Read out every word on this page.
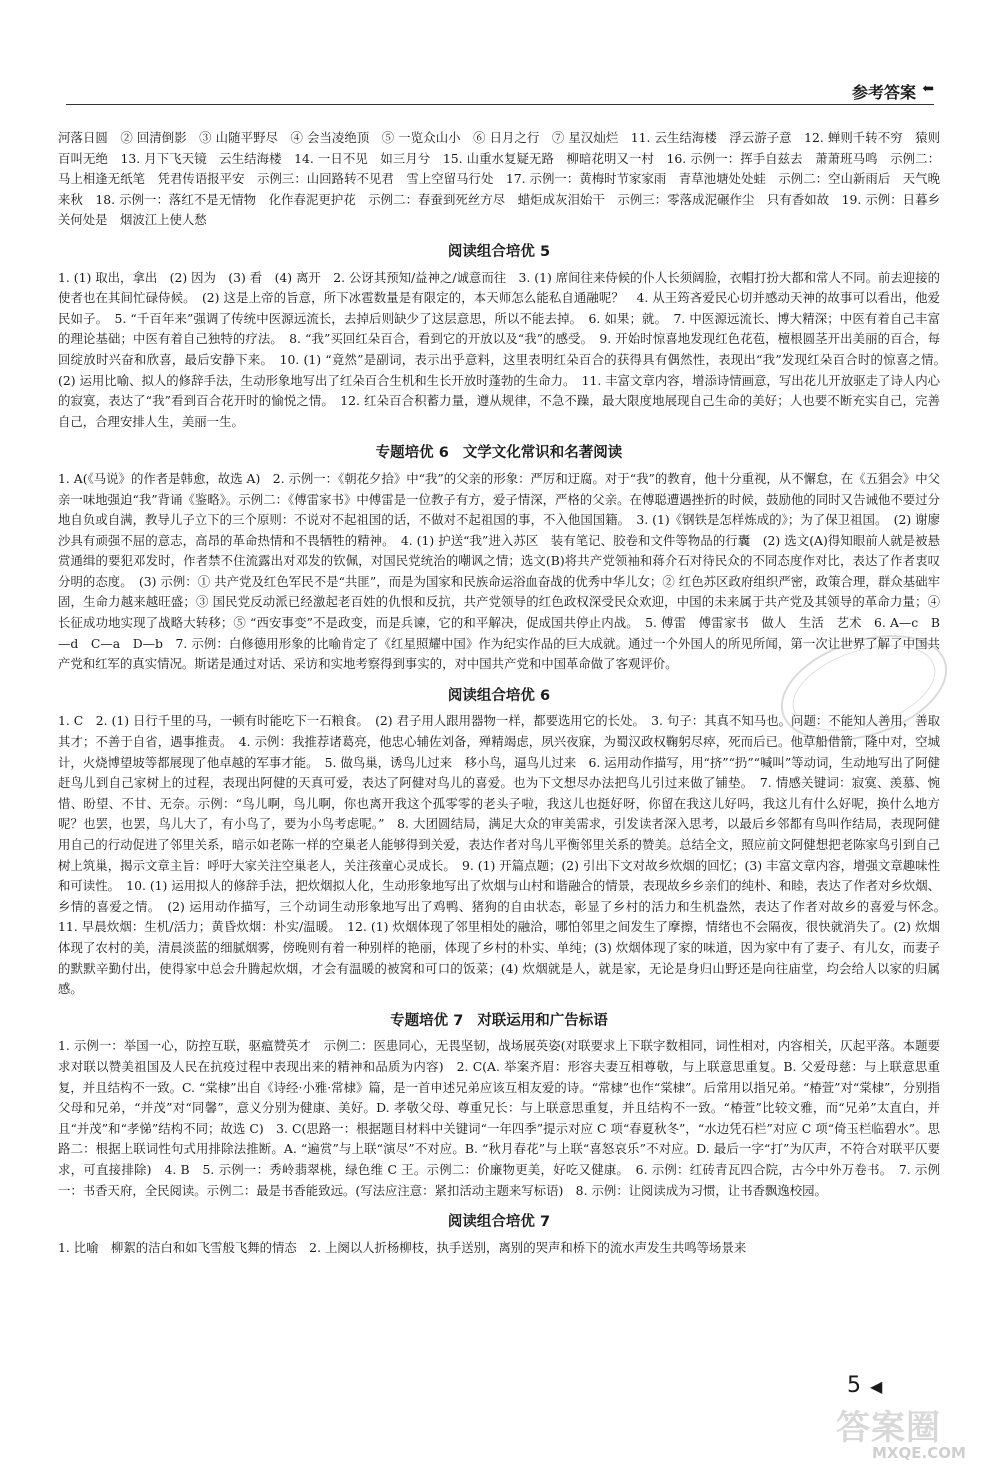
参考答案 ⬅

河落日圆　② 回清倒影　③ 山随平野尽　④ 会当凌绝顶　⑤ 一览众山小　⑥ 日月之行　⑦ 星汉灿烂　11. 云生结海楼　浮云游子意　12. 蝉则千转不穷　猿则百叫无绝　13. 月下飞天镜　云生结海楼　14. 一日不见　如三月兮　15. 山重水复疑无路　柳暗花明又一村　16. 示例一：挥手自兹去　萧萧班马鸣　示例二：马上相逢无纸笔　凭君传语报平安　示例三：山回路转不见君　雪上空留马行处　17. 示例一：黄梅时节家家雨　青草池塘处处蛙　示例二：空山新雨后　天气晚来秋　18. 示例一：落红不是无情物　化作春泥更护花　示例二：春蚕到死丝方尽　蜡炬成灰泪始干　示例三：零落成泥碾作尘　只有香如故　19. 示例：日暮乡关何处是　烟波江上使人愁

阅读组合培优 5

1. (1) 取出，拿出　(2) 因为　(3) 看　(4) 离开　2. 公讶其预知/益神之/诚意而往　3. (1) 席间往来侍候的仆人长须阔脸，衣帽打扮大都和常人不同。前去迎接的使者也在其间忙碌侍候。　(2) 这是上帝的旨意，所下冰雹数量是有限定的，本天师怎么能私自通融呢？　4. 从王筠吝爱民心切并感动天神的故事可以看出，他爱民如子。　5. “千百年来”强调了传统中医源远流长，去掉后则缺少了这层意思，所以不能去掉。　6. 如果；就。　7. 中医源远流长、博大精深；中医有着自己丰富的理论基础；中医有着自己独特的疗法。　8. “我”买回红朵百合，看到它的开放以及“我”的感受。　9. 开始时惊喜地发现红色花苞，檀根圆茎开出美丽的百合，每回绽放时兴奋和欣喜，最后安静下来。　10. (1) “竟然”是副词，表示出乎意料，这里表明红朵百合的获得具有偶然性，表现出“我”发现红朵百合时的惊喜之情。　(2) 运用比喻、拟人的修辞手法，生动形象地写出了红朵百合生机和生长开放时蓬勃的生命力。　11. 丰富文章内容，增添诗情画意，写出花儿开放驱走了诗人内心的寂寞，表达了“我”看到百合花开时的愉悦之情。　12. 红朵百合积蓄力量，遵从规律，不急不躁，最大限度地展现自己生命的美好；人也要不断充实自己，完善自己，合理安排人生，美丽一生。

专题培优 6 文学文化常识和名著阅读

1. A(《马说》的作者是韩愈，故选 A)　2. 示例一：《朝花夕拾》中“我”的父亲的形象：严厉和迂腐。对于“我”的教育，他十分重视，从不懈怠，在《五猖会》中父亲一味地强迫“我”背诵《鉴略》。示例二：《傅雷家书》中傅雷是一位教子有方，爱子情深，严格的父亲。在傅聪遭遇挫折的时候，鼓励他的同时又告诫他不要过分地自负或自满，教导儿子立下的三个原则：不说对不起祖国的话，不做对不起祖国的事，不入他国国籍。　3. (1)《钢铁是怎样炼成的》；为了保卫祖国。　(2) 谢廖沙具有顽强不屈的意志，高昂的革命热情和不畏牺牲的精神。　4. (1) 护送“我”进入苏区　装有笔记、胶卷和文件等物品的行囊　(2) 选文(A)得知眼前人就是被悬赏通缉的要犯邓发时，作者禁不住流露出对邓发的钦佩，对国民党统治的嘲讽之情；选文(B)将共产党领袖和蒋介石对待民众的不同态度作对比，表达了作者衷叹分明的态度。　(3) 示例：① 共产党及红色军民不是“共匪”，而是为国家和民族命运浴血奋战的优秀中华儿女；② 红色苏区政府组织严密，政策合理，群众基础牢固，生命力越来越旺盛；③ 国民党反动派已经激起老百姓的仇恨和反抗，共产党领导的红色政权深受民众欢迎，中国的未来属于共产党及其领导的革命力量；④ 长征成功地实现了战略大转移；⑤ “西安事变”不是政变，而是兵谏，它的和平解决，促成国共停止内战。　5. 傅雷　傅雷家书　做人　生活　艺术　6. A—c　B—d　C—a　D—b　7. 示例：白修德用形象的比喻肯定了《红星照耀中国》作为纪实作品的巨大成就。通过一个外国人的所见所闻，第一次让世界了解了中国共产党和红军的真实情况。斯诺是通过对话、采访和实地考察得到事实的，对中国共产党和中国革命做了客观评价。

阅读组合培优 6

1. C　2. (1) 日行千里的马，一顿有时能吃下一石粮食。　(2) 君子用人跟用器物一样，都要选用它的长处。　3. 句子：其真不知马也。问题：不能知人善用，善取其才；不善于自省，遇事推责。　4. 示例：我推荐诸葛亮，他忠心辅佐刘备，殚精竭虑，夙兴夜寐，为蜀汉政权鞠躬尽瘁，死而后已。他草船借箭，隆中对，空城计，火烧博望坡等都展现了他卓越的军事才能。　5. 做鸟巢，诱鸟儿过来　移小鸟，逼鸟儿过来　6. 运用动作描写，用“挤”“扔”“喊叫”等动词，生动地写出了阿健赶鸟儿到自己家树上的过程，表现出阿健的天真可爱，表达了阿健对鸟儿的喜爱。也为下文想尽办法把鸟儿引过来做了铺垫。　7. 情感关键词：寂寞、羡慕、惋惜、盼望、不甘、无奈。示例：“鸟儿啊，鸟儿啊，你也离开我这个孤零零的老头子啦，我这儿也挺好呀，你留在我这儿好吗，我这儿有什么好呢，换什么地方呢？也罢，也罢，鸟儿大了，有小鸟了，要为小鸟考虑呢。”　8. 大团圆结局，满足大众的审美需求，引发读者深入思考，以最后乡邻都有鸟叫作结局，表现阿健用自己的行动促进了邻里关系，暗示如老陈一样的空巢老人能够得到关爱，表达作者对鸟儿平衡邻里关系的赞美。总结全文，照应前文阿健想把老陈家鸟引到自己树上筑巢，揭示文章主旨：呼吁大家关注空巢老人，关注孩童心灵成长。　9. (1) 开篇点题；(2) 引出下文对故乡炊烟的回忆；(3) 丰富文章内容，增强文章趣味性和可读性。　10. (1) 运用拟人的修辞手法，把炊烟拟人化，生动形象地写出了炊烟与山村和谐融合的情景，表现故乡乡亲们的纯朴、和睦，表达了作者对乡炊烟、乡情的喜爱之情。　(2) 运用动作描写，三个动词生动形象地写出了鸡鸭、猪狗的自由状态，彰显了乡村的活力和生机盎然，表达了作者对故乡的喜爱与怀念。　11. 早晨炊烟：生机/活力；黄昏炊烟：朴实/温暖。　12. (1) 炊烟体现了邻里相处的融洽，哪怕邻里之间发生了摩擦，情绪也不会隔夜，很快就消失了。(2) 炊烟体现了农村的美，清晨淡蓝的细腻烟雾，傍晚则有着一种别样的艳丽，体现了乡村的朴实、单纯；(3) 炊烟体现了家的味道，因为家中有了妻子、有儿女，而妻子的默默辛勤付出，使得家中总会升腾起炊烟，才会有温暖的被窝和可口的饭菜；(4) 炊烟就是人，就是家，无论是身归山野还是向往庙堂，均会给人以家的归属感。

专题培优 7 对联运用和广告标语

1. 示例一：举国一心，防控互联，驱瘟赞英才　示例二：医患同心，无畏坚韧，战场展英姿(对联要求上下联字数相同，词性相对，内容相关，仄起平落。本题要求对联以赞美祖国及人民在抗疫过程中表现出来的精神和品质为内容)　2. C(A. 举案齐眉：形容夫妻互相尊敬，与上联意思重复。B. 父爱母慈：与上联意思重复，并且结构不一致。C. “棠棣”出自《诗经·小雅·常棣》篇，是一首申述兄弟应该互相友爱的诗。“常棣”也作“棠棣”。后常用以指兄弟。“椿萱”对“棠棣”，分别指父母和兄弟，“并茂”对“同馨”，意义分别为健康、美好。D. 孝敬父母、尊重兄长：与上联意思重复，并且结构不一致。“椿萱”比较文雅，而“兄弟”太直白，并且“并茂”和“孝悌”结构不同；故选 C)　3. C(思路一：根据题目材料中关键词“一年四季”提示对应 C 项“春夏秋冬”，“水边凭石栏”对应 C 项“倚玉栏临碧水”。思路二：根据上联词性句式用排除法推断。A. “遍赏”与上联“演尽”不对应。B. “秋月春花”与上联“喜怒哀乐”不对应。D. 最后一字“打”为仄声，不符合对联平仄要求，可直接排除)　4. B　5. 示例一：秀岭翡翠桃，绿色维 C 王。示例二：价廉物更美，好吃又健康。　6. 示例：红砖青瓦四合院，古今中外万卷书。　7. 示例一：书香天府，全民阅读。示例二：最是书香能致远。(写法应注意：紧扣活动主题来写标语)　8. 示例：让阅读成为习惯，让书香飘逸校园。

阅读组合培优 7

1. 比喻　柳絮的洁白和如飞雪般飞舞的情态　2. 上阕以人折杨柳枝，执手送别，离别的哭声和桥下的流水声发生共鸣等场景来

5 ◀
答案圈
MXQE.COM
